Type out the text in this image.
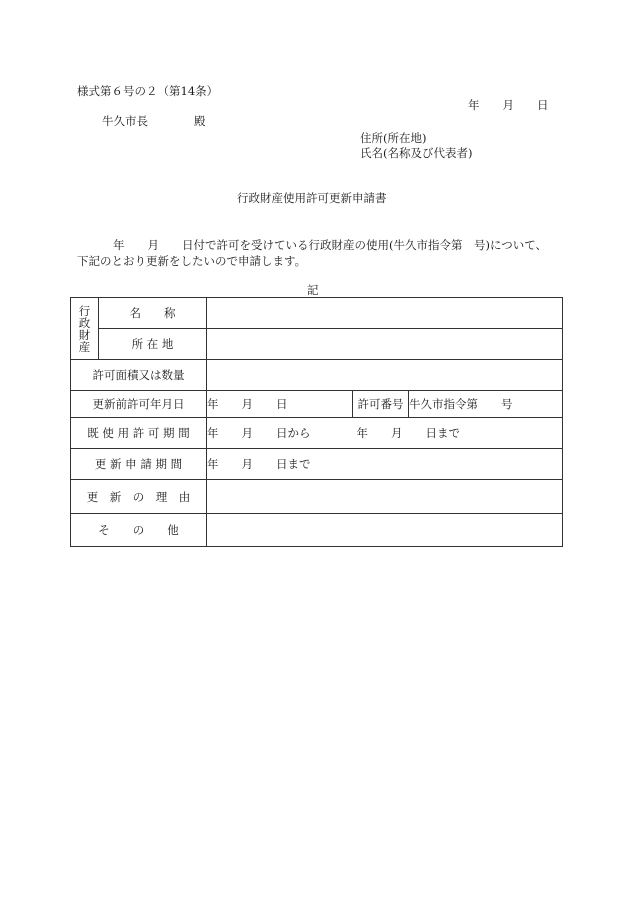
様式第６号の２（第14条）
年　　月　　日
牛久市長　　　　殿
住所(所在地)
氏名(名称及び代表者)
行政財産使用許可更新申請書
年　　月　　日付で許可を受けている行政財産の使用(牛久市指令第　号)について、
下記のとおり更新をしたいので申請します。
記
行
政
財
産	名　　称			
	所 在 地			
許可面積又は数量				
更新前許可年月日		年　　月　　日	許可番号	牛久市指令第　　号
既 使 用 許 可 期 間		年　　月　　日から　　　　年　　月　　日まで		
更 新 申 請 期 間		年　　月　　日まで		
更　新　の　理　由				
そ　　の　　他				
